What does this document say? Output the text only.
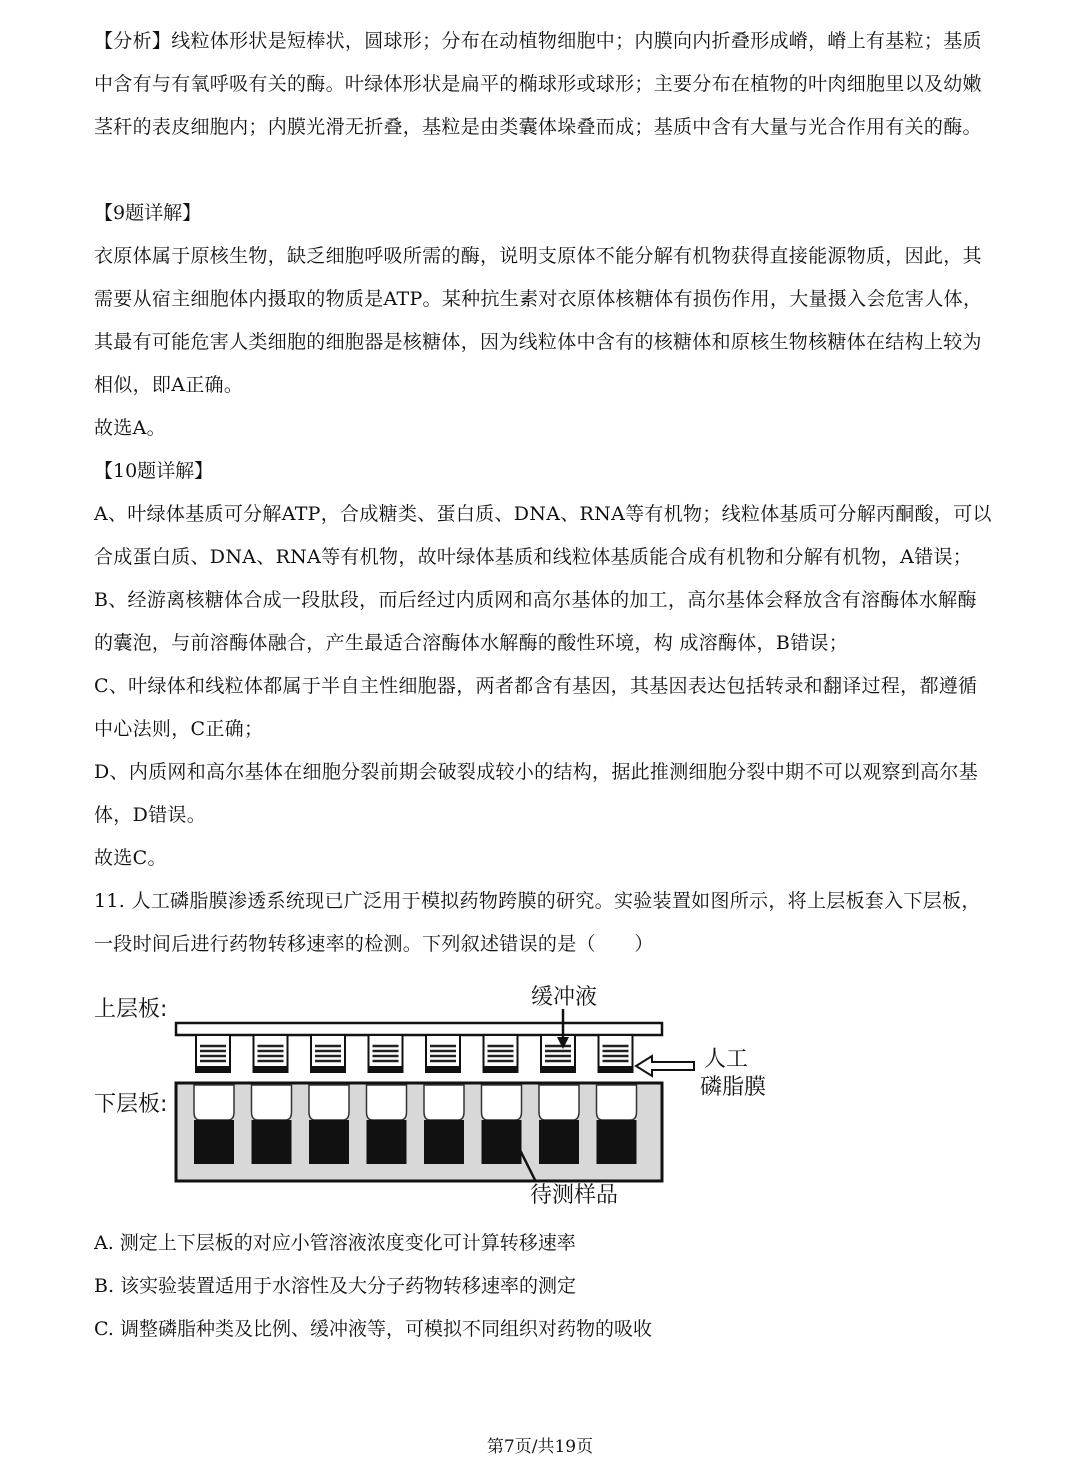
【分析】线粒体形状是短棒状，圆球形；分布在动植物细胞中；内膜向内折叠形成嵴，嵴上有基粒；基质
中含有与有氧呼吸有关的酶。叶绿体形状是扁平的椭球形或球形；主要分布在植物的叶肉细胞里以及幼嫩
茎秆的表皮细胞内；内膜光滑无折叠，基粒是由类囊体垛叠而成；基质中含有大量与光合作用有关的酶。
【9题详解】
衣原体属于原核生物，缺乏细胞呼吸所需的酶，说明支原体不能分解有机物获得直接能源物质，因此，其
需要从宿主细胞体内摄取的物质是ATP。某种抗生素对衣原体核糖体有损伤作用，大量摄入会危害人体，
其最有可能危害人类细胞的细胞器是核糖体，因为线粒体中含有的核糖体和原核生物核糖体在结构上较为
相似，即A正确。
故选A。
【10题详解】
A、叶绿体基质可分解ATP，合成糖类、蛋白质、DNA、RNA等有机物；线粒体基质可分解丙酮酸，可以
合成蛋白质、DNA、RNA等有机物，故叶绿体基质和线粒体基质能合成有机物和分解有机物，A错误；
B、经游离核糖体合成一段肽段，而后经过内质网和高尔基体的加工，高尔基体会释放含有溶酶体水解酶
的囊泡，与前溶酶体融合，产生最适合溶酶体水解酶的酸性环境，构 成溶酶体，B错误；
C、叶绿体和线粒体都属于半自主性细胞器，两者都含有基因，其基因表达包括转录和翻译过程，都遵循
中心法则，C正确；
D、内质网和高尔基体在细胞分裂前期会破裂成较小的结构，据此推测细胞分裂中期不可以观察到高尔基
体，D错误。
故选C。
11. 人工磷脂膜渗透系统现已广泛用于模拟药物跨膜的研究。实验装置如图所示，将上层板套入下层板，
一段时间后进行药物转移速率的检测。下列叙述错误的是（　　）
上层板:
下层板:
缓冲液
人工
磷脂膜
待测样品
A. 测定上下层板的对应小管溶液浓度变化可计算转移速率
B. 该实验装置适用于水溶性及大分子药物转移速率的测定
C. 调整磷脂种类及比例、缓冲液等，可模拟不同组织对药物的吸收
第7页/共19页
